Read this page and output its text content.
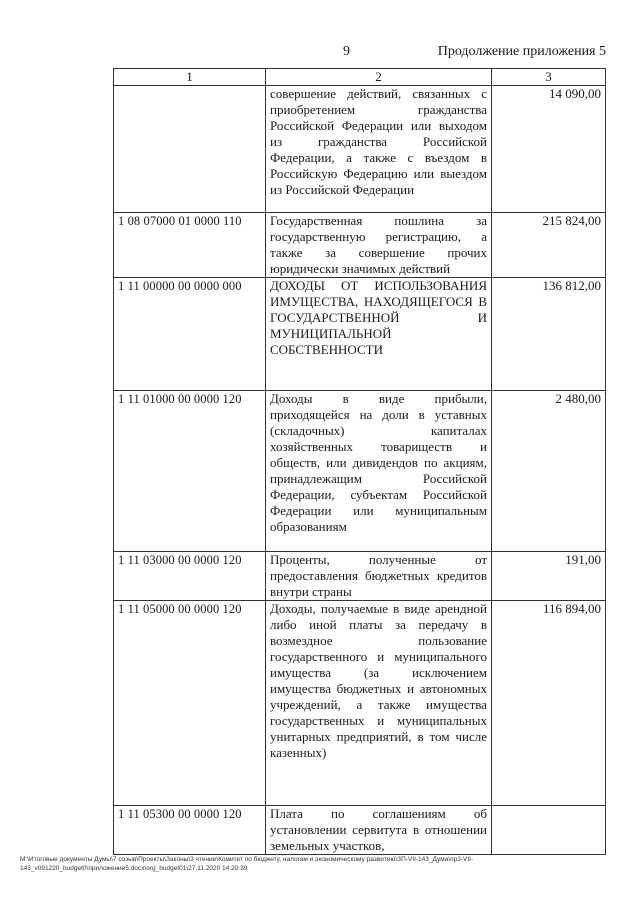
9	Продолжение приложения 5
1	2	3
	совершение действий, связанных с приобретением гражданства Российской Федерации или выходом из гражданства Российской Федерации, а также с въездом в Российскую Федерацию или выездом из Российской Федерации	14 090,00
1 08 07000 01 0000 110	Государственная пошлина за государственную регистрацию, а также за совершение прочих юридически значимых действий	215 824,00
1 11 00000 00 0000 000	ДОХОДЫ ОТ ИСПОЛЬЗОВАНИЯ ИМУЩЕСТВА, НАХОДЯЩЕГОСЯ В ГОСУДАРСТВЕННОЙ И МУНИЦИПАЛЬНОЙ СОБСТВЕННОСТИ	136 812,00
1 11 01000 00 0000 120	Доходы в виде прибыли, приходящейся на доли в уставных (складочных) капиталах хозяйственных товариществ и обществ, или дивидендов по акциям, принадлежащим Российской Федерации, субъектам Российской Федерации или муниципальным образованиям	2 480,00
1 11 03000 00 0000 120	Проценты, полученные от предоставления бюджетных кредитов внутри страны	191,00
1 11 05000 00 0000 120	Доходы, получаемые в виде арендной либо иной платы за передачу в возмездное пользование государственного и муниципального имущества (за исключением имущества бюджетных и автономных учреждений, а также имущества государственных и муниципальных унитарных предприятий, в том числе казенных)	116 894,00
1 11 05300 00 0000 120	Плата по соглашениям об установлении сервитута в отношении земельных участков,	
M:\Итоговые документы Думы\7 созыв\Проекты\Законы\3 чтение\Комитет по бюджету, налогам и экономическому развитию\ЗП-VII-143_Дума\пр3-VII-143_v091220_budget0\приложение5.docx\org_budget01\27.11.2020 14:20:39
